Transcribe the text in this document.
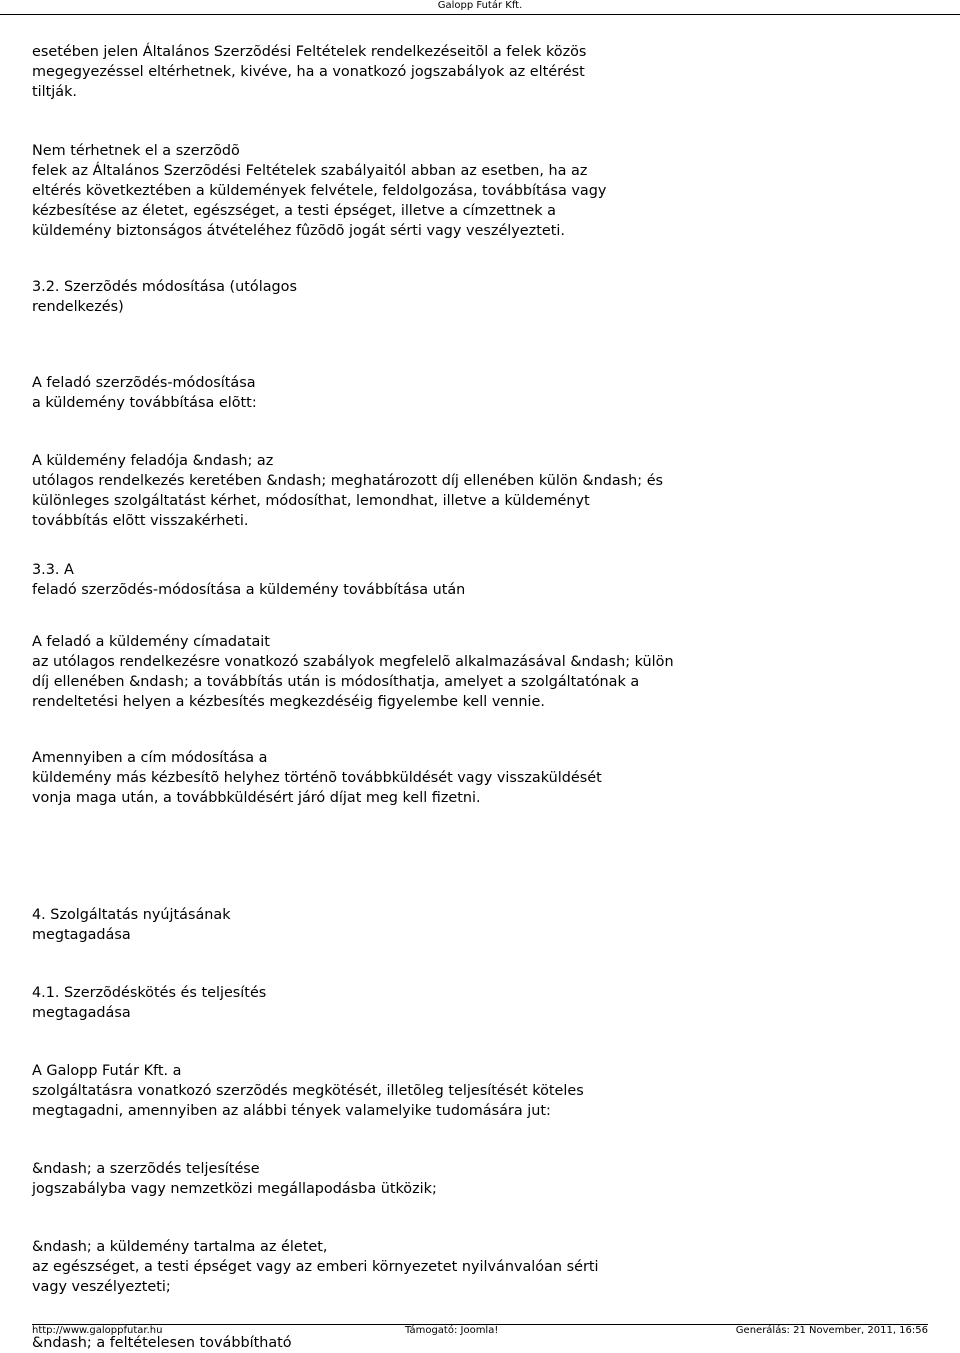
Galopp Futár Kft.
esetében jelen Általános Szerzõdési Feltételek rendelkezéseitõl a felek közös
megegyezéssel eltérhetnek, kivéve, ha a vonatkozó jogszabályok az eltérést
tiltják.
Nem térhetnek el a szerzõdõ
felek az Általános Szerzõdési Feltételek szabályaitól abban az esetben, ha az
eltérés következtében a küldemények felvétele, feldolgozása, továbbítása vagy
kézbesítése az életet, egészséget, a testi épséget, illetve a címzettnek a
küldemény biztonságos átvételéhez fûzõdõ jogát sérti vagy veszélyezteti.
3.2. Szerzõdés módosítása (utólagos
rendelkezés)
A feladó szerzõdés-módosítása
a küldemény továbbítása elõtt:
A küldemény feladója &ndash; az
utólagos rendelkezés keretében &ndash; meghatározott díj ellenében külön &ndash; és
különleges szolgáltatást kérhet, módosíthat, lemondhat, illetve a küldeményt
továbbítás elõtt visszakérheti.
3.3. A
feladó szerzõdés-módosítása a küldemény továbbítása után
A feladó a küldemény címadatait
az utólagos rendelkezésre vonatkozó szabályok megfelelõ alkalmazásával &ndash; külön
díj ellenében &ndash; a továbbítás után is módosíthatja, amelyet a szolgáltatónak a
rendeltetési helyen a kézbesítés megkezdéséig figyelembe kell vennie.
Amennyiben a cím módosítása a
küldemény más kézbesítõ helyhez történõ továbbküldését vagy visszaküldését
vonja maga után, a továbbküldésért járó díjat meg kell fizetni.
4. Szolgáltatás nyújtásának
megtagadása
4.1. Szerzõdéskötés és teljesítés
megtagadása
A Galopp Futár Kft. a
szolgáltatásra vonatkozó szerzõdés megkötését, illetõleg teljesítését köteles
megtagadni, amennyiben az alábbi tények valamelyike tudomására jut:
&ndash; a szerzõdés teljesítése
jogszabályba vagy nemzetközi megállapodásba ütközik;
&ndash; a küldemény tartalma az életet,
az egészséget, a testi épséget vagy az emberi környezetet nyilvánvalóan sérti
vagy veszélyezteti;
&ndash; a feltételesen továbbítható
http://www.galoppfutar.hu	Támogató: Joomla!	Generálás: 21 November, 2011, 16:56
